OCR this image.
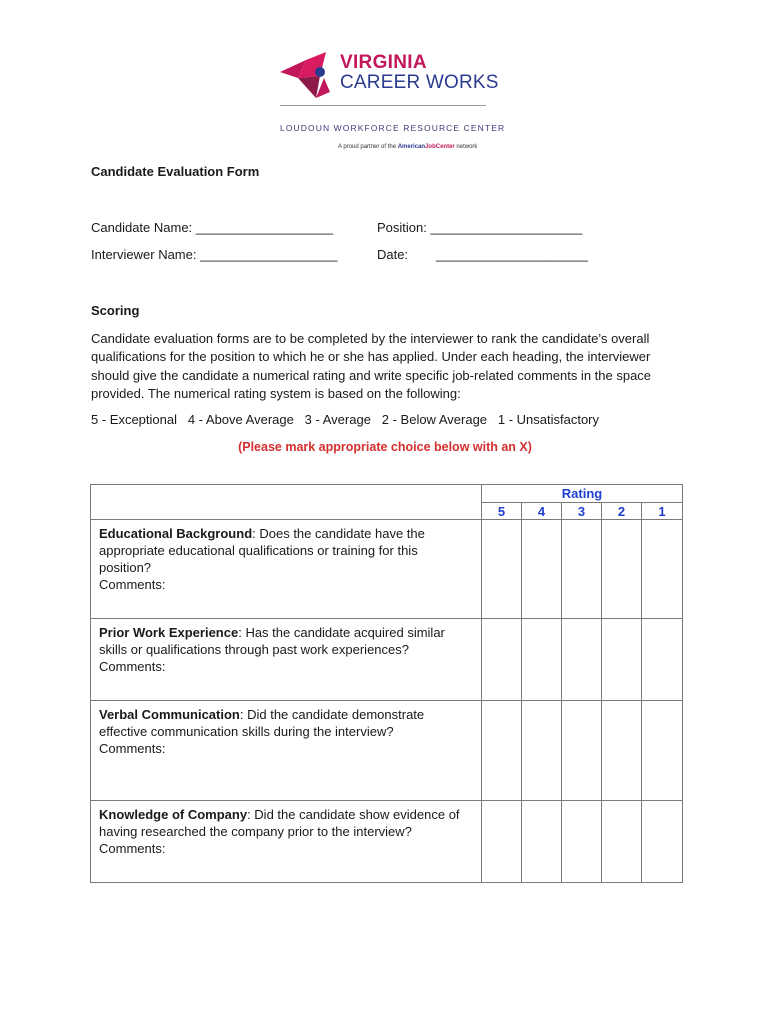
VIRGINIA
CAREER WORKS
LOUDOUN WORKFORCE RESOURCE CENTER
A proud partner of the AmericanJobCenter network
Candidate Evaluation Form
Candidate Name: ___________________	Position: _____________________
Interviewer Name: ___________________	Date: _____________________
Scoring
Candidate evaluation forms are to be completed by the interviewer to rank the candidate’s overall qualifications for the position to which he or she has applied. Under each heading, the interviewer should give the candidate a numerical rating and write specific job-related comments in the space provided. The numerical rating system is based on the following:
5 - Exceptional   4 - Above Average   3 - Average   2 - Below Average   1 - Unsatisfactory
(Please mark appropriate choice below with an X)
	Rating				
	5	4	3	2	1
Educational Background: Does the candidate have the appropriate educational qualifications or training for this position?
Comments:					
Prior Work Experience: Has the candidate acquired similar skills or qualifications through past work experiences?
Comments:					
Verbal Communication: Did the candidate demonstrate effective communication skills during the interview?
Comments:					
Knowledge of Company: Did the candidate show evidence of having researched the company prior to the interview?
Comments:					
